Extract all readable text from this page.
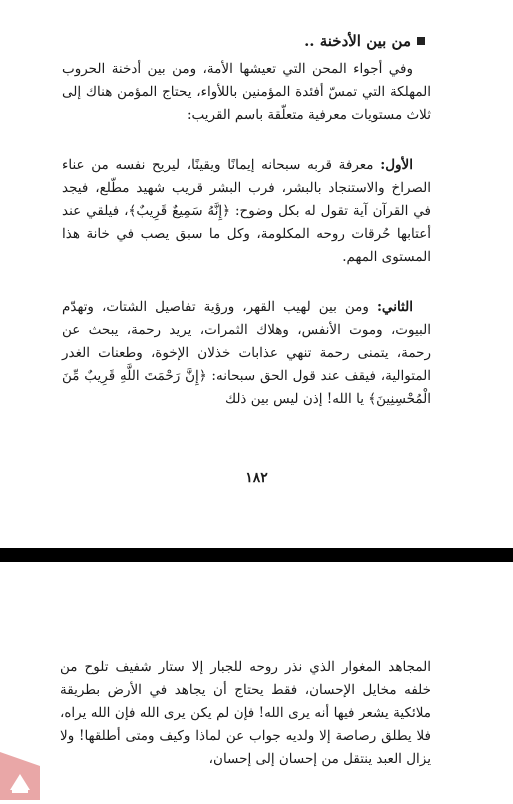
من بين الأدخنة ..

وفي أجواء المحن التي تعيشها الأمة، ومن بين أدخنة الحروب المهلكة التي تمسّ أفئدة المؤمنين باللأواء، يحتاج المؤمن هناك إلى ثلاث مستويات معرفية متعلّقة باسم القريب:

الأول: معرفة قربه سبحانه إيمانًا ويقينًا، ليريح نفسه من عناء الصراخ والاستنجاد بالبشر، فرب البشر قريب شهيد مطّلع، فيجد في القرآن آية تقول له بكل وضوح: ﴿إِنَّهُ سَمِيعٌ قَرِيبٌ﴾، فيلقي عند أعتابها حُرقات روحه المكلومة، وكل ما سبق يصب في خانة هذا المستوى المهم.

الثاني: ومن بين لهيب القهر، ورؤية تفاصيل الشتات، وتهدّم البيوت، وموت الأنفس، وهلاك الثمرات، يريد رحمة، يبحث عن رحمة، يتمنى رحمة تنهي عذابات خذلان الإخوة، وطعنات الغدر المتوالية، فيقف عند قول الحق سبحانه: ﴿إِنَّ رَحْمَتَ اللَّهِ قَرِيبٌ مِّنَ الْمُحْسِنِينَ﴾ يا الله! إذن ليس بين ذلك

١٨٢

المجاهد المغوار الذي نذر روحه للجبار إلا ستار شفيف تلوح من خلفه مخايل الإحسان، فقط يحتاج أن يجاهد في الأرض بطريقة ملائكية يشعر فيها أنه يرى الله! فإن لم يكن يرى الله فإن الله يراه، فلا يطلق رصاصة إلا ولديه جواب عن لماذا وكيف ومتى أطلقها! ولا يزال العبد ينتقل من إحسان إلى إحسان،
